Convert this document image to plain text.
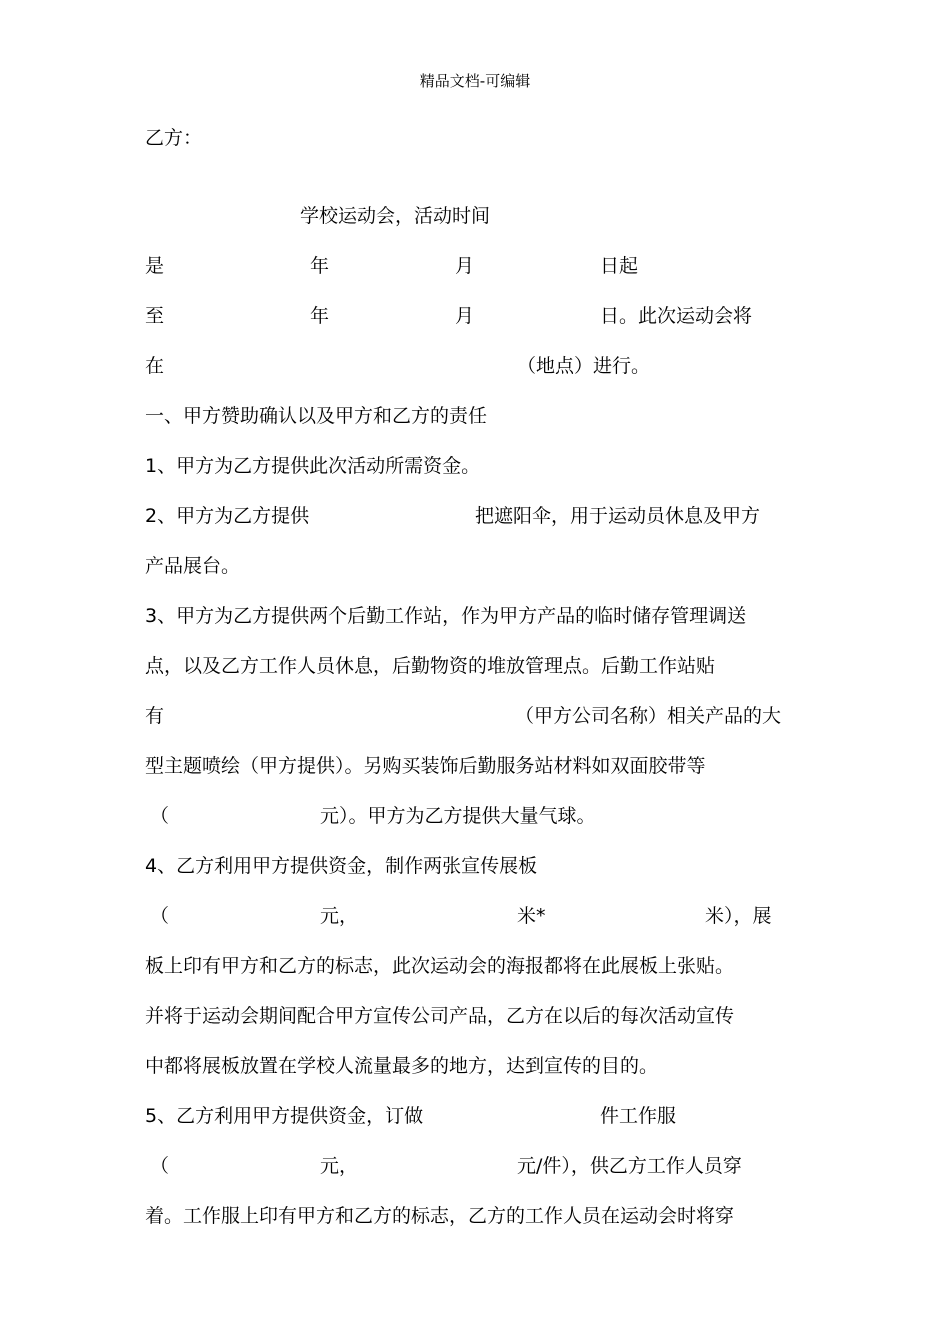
精品文档-可编辑
乙方：
学校运动会，活动时间
是	年	月	日起
至	年	月	日。此次运动会将
在	（地点）进行。
一、甲方赞助确认以及甲方和乙方的责任
1、甲方为乙方提供此次活动所需资金。
2、甲方为乙方提供	把遮阳伞，用于运动员休息及甲方
产品展台。
3、甲方为乙方提供两个后勤工作站，作为甲方产品的临时储存管理调送
点，以及乙方工作人员休息，后勤物资的堆放管理点。后勤工作站贴
有	（甲方公司名称）相关产品的大
型主题喷绘（甲方提供）。另购买装饰后勤服务站材料如双面胶带等
（	元）。甲方为乙方提供大量气球。
4、乙方利用甲方提供资金，制作两张宣传展板
（	元，	米*	米），展
板上印有甲方和乙方的标志，此次运动会的海报都将在此展板上张贴。
并将于运动会期间配合甲方宣传公司产品，乙方在以后的每次活动宣传
中都将展板放置在学校人流量最多的地方，达到宣传的目的。
5、乙方利用甲方提供资金，订做	件工作服
（	元，	元/件），供乙方工作人员穿
着。工作服上印有甲方和乙方的标志，乙方的工作人员在运动会时将穿
